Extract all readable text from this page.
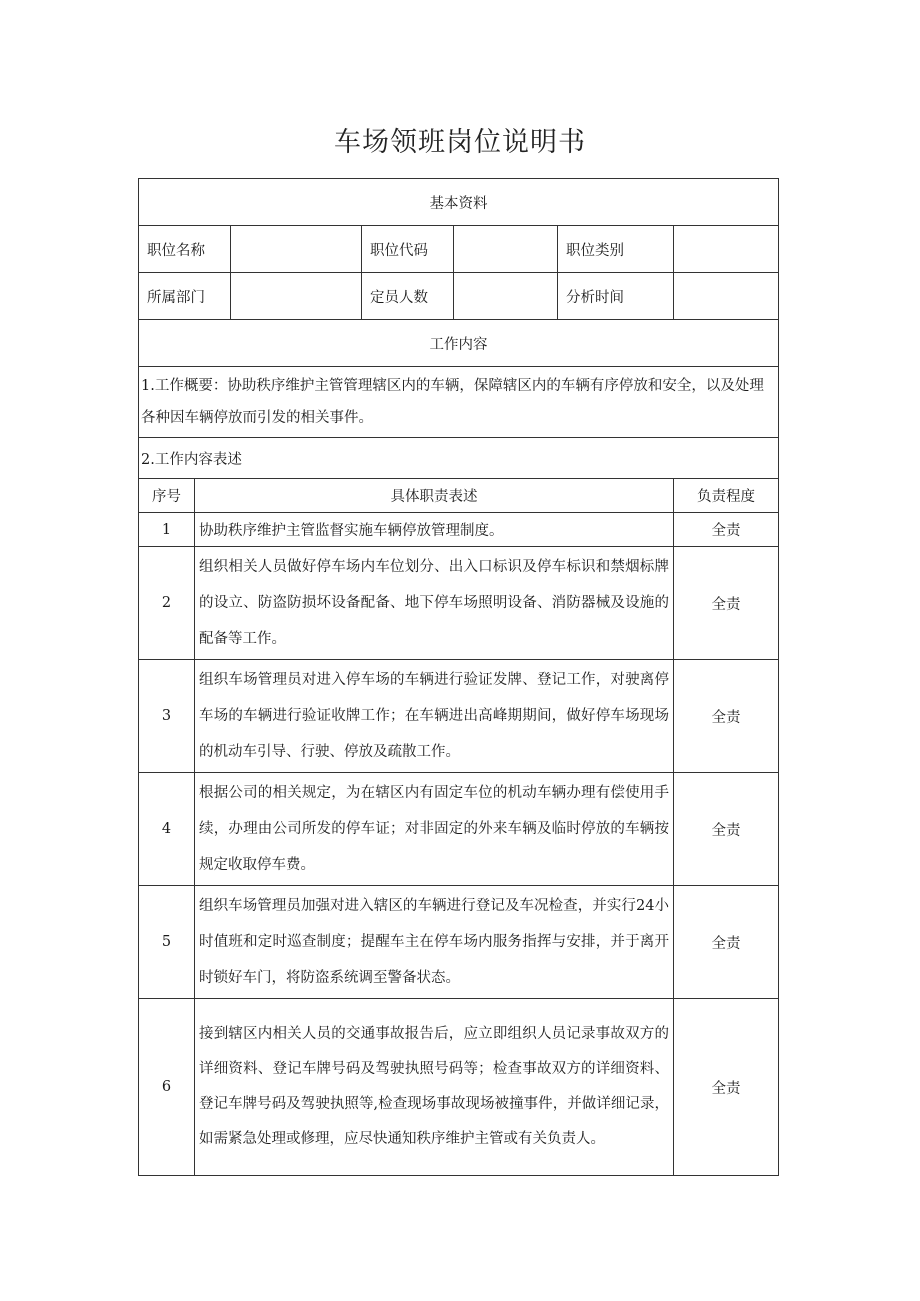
车场领班岗位说明书
基本资料						
职位名称			职位代码		职位类别	
所属部门			定员人数		分析时间	
工作内容						
1.工作概要：协助秩序维护主管管理辖区内的车辆，保障辖区内的车辆有序停放和安全，以及处理各种因车辆停放而引发的相关事件。						
2.工作内容表述						
序号	具体职责表述					负责程度
1	协助秩序维护主管监督实施车辆停放管理制度。					全责
2	组织相关人员做好停车场内车位划分、出入口标识及停车标识和禁烟标牌的设立、防盗防损坏设备配备、地下停车场照明设备、消防器械及设施的配备等工作。					全责
3	组织车场管理员对进入停车场的车辆进行验证发牌、登记工作，对驶离停车场的车辆进行验证收牌工作；在车辆进出高峰期期间，做好停车场现场的机动车引导、行驶、停放及疏散工作。					全责
4	根据公司的相关规定，为在辖区内有固定车位的机动车辆办理有偿使用手续，办理由公司所发的停车证；对非固定的外来车辆及临时停放的车辆按规定收取停车费。					全责
5	组织车场管理员加强对进入辖区的车辆进行登记及车况检查，并实行24小时值班和定时巡查制度；提醒车主在停车场内服务指挥与安排，并于离开时锁好车门，将防盗系统调至警备状态。					全责
6	接到辖区内相关人员的交通事故报告后，应立即组织人员记录事故双方的详细资料、登记车牌号码及驾驶执照号码等；检查事故双方的详细资料、登记车牌号码及驾驶执照等,检查现场事故现场被撞事件，并做详细记录，如需紧急处理或修理，应尽快通知秩序维护主管或有关负责人。					全责
